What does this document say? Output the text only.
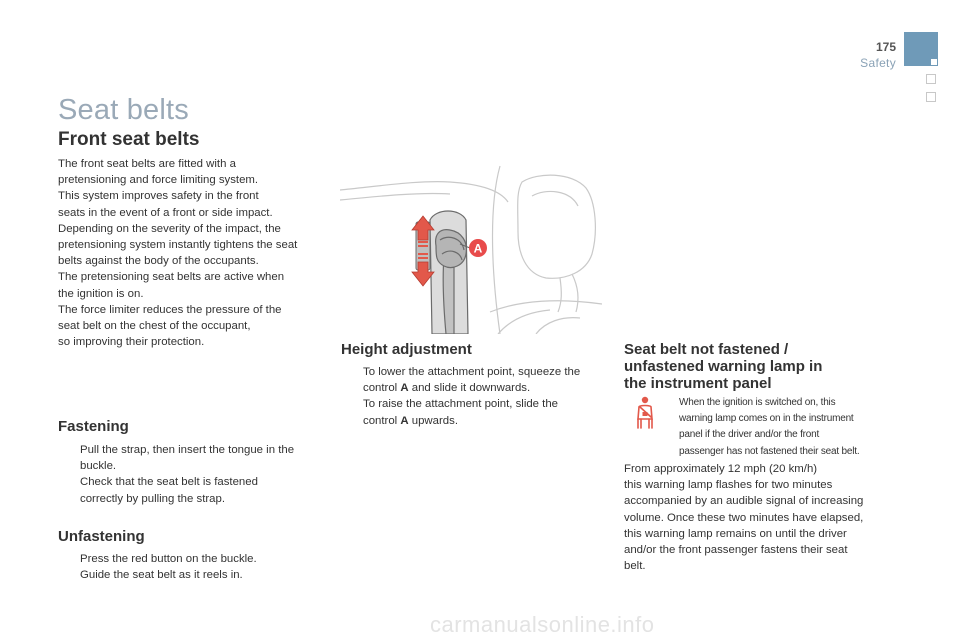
175
Safety
Seat belts
Front seat belts

The front seat belts are fitted with a

pretensioning and force limiting system.

This system improves safety in the front

seats in the event of a front or side impact.

Depending on the severity of the impact, the

pretensioning system instantly tightens the seat

belts against the body of the occupants.

The pretensioning seat belts are active when

the ignition is on.

The force limiter reduces the pressure of the

seat belt on the chest of the occupant,

so improving their protection.

Fastening
Pull the strap, then insert the tongue in the
buckle.
Check that the seat belt is fastened
correctly by pulling the strap.
Unfastening
Press the red button on the buckle.
Guide the seat belt as it reels in.
A
Height adjustment
To lower the attachment point, squeeze the
control A and slide it downwards.
To raise the attachment point, slide the
control A upwards.
Seat belt not fastened /
unfastened warning lamp in
the instrument panel
When the ignition is switched on, this
warning lamp comes on in the instrument
panel if the driver and/or the front
passenger has not fastened their seat belt.

From approximately 12 mph (20 km/h)

this warning lamp flashes for two minutes

accompanied by an audible signal of increasing

volume. Once these two minutes have elapsed,

this warning lamp remains on until the driver

and/or the front passenger fastens their seat

belt.

carmanualsonline.info
